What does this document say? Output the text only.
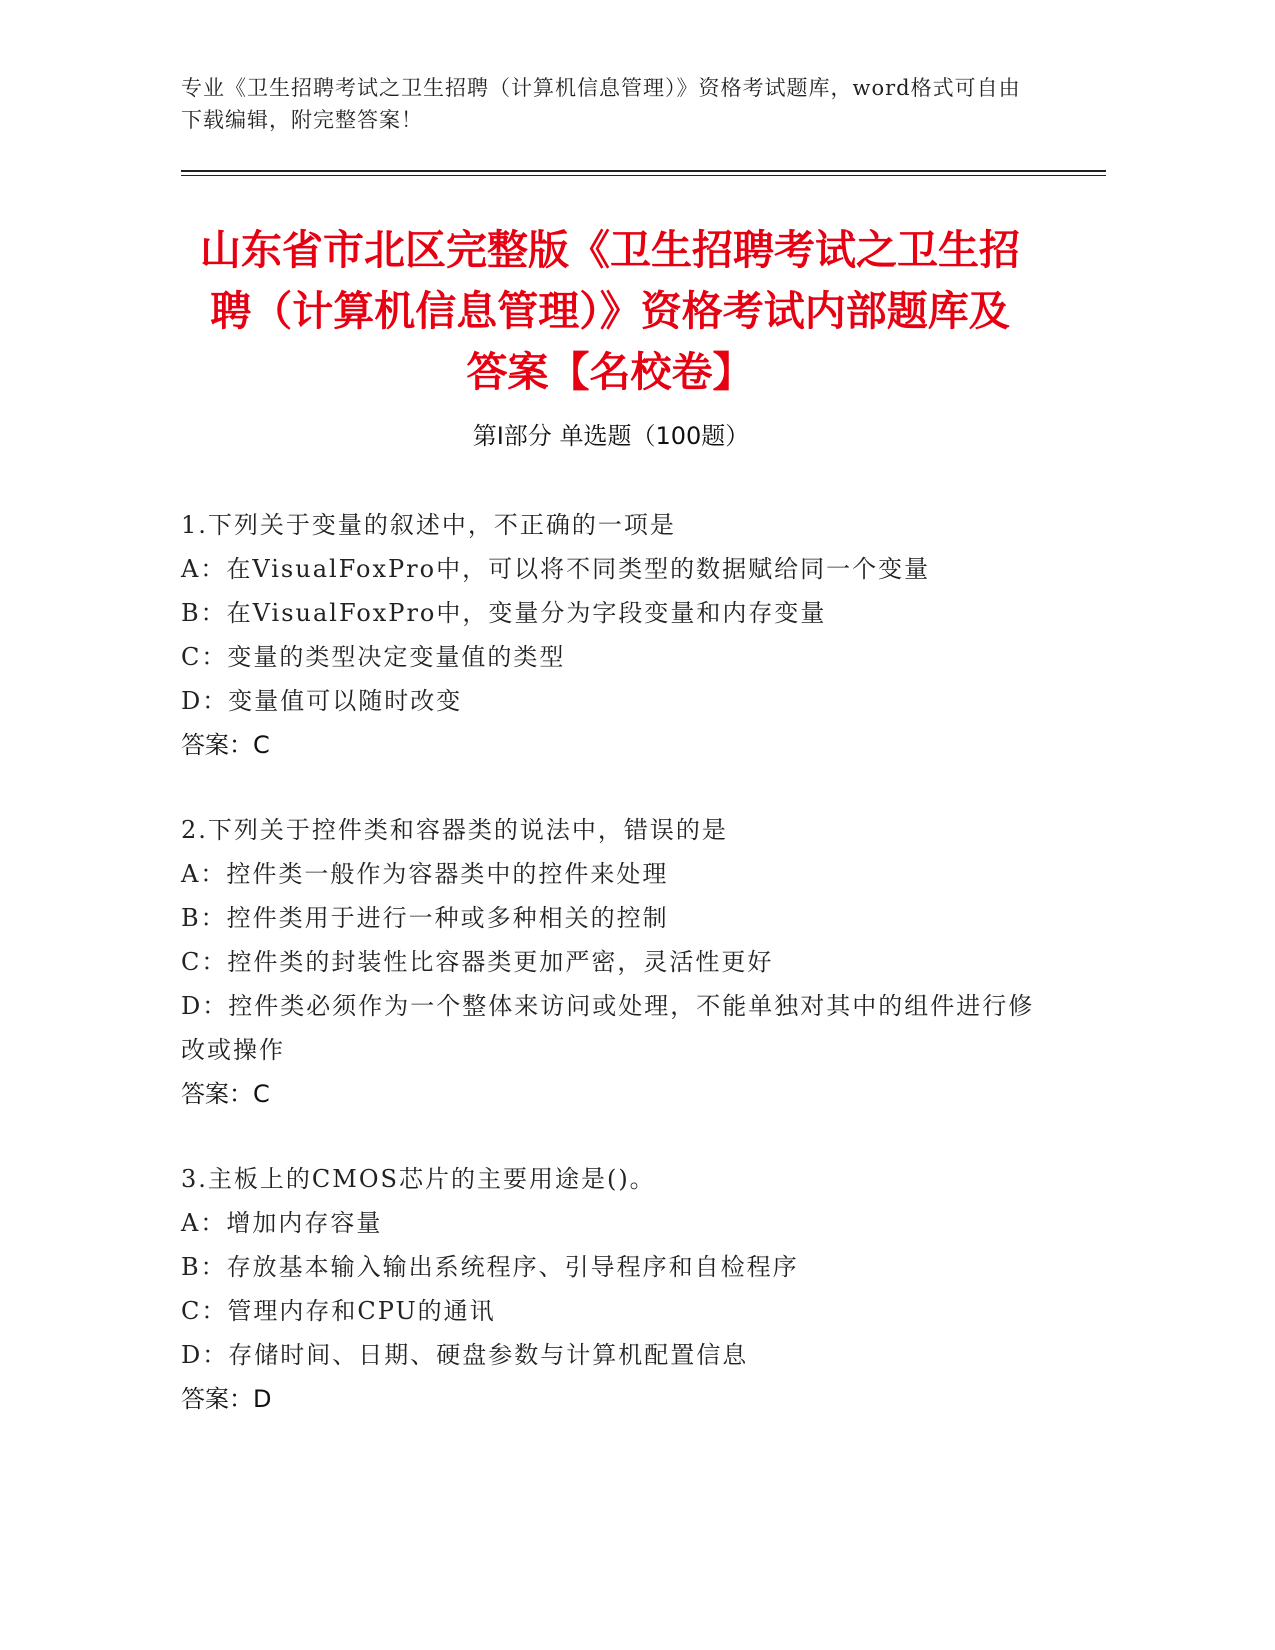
专业《卫生招聘考试之卫生招聘（计算机信息管理）》资格考试题库，word格式可自由下载编辑，附完整答案！
山东省市北区完整版《卫生招聘考试之卫生招聘（计算机信息管理）》资格考试内部题库及答案【名校卷】
第Ⅰ部分 单选题（100题）
1.下列关于变量的叙述中，不正确的一项是
A：在VisualFoxPro中，可以将不同类型的数据赋给同一个变量
B：在VisualFoxPro中，变量分为字段变量和内存变量
C：变量的类型决定变量值的类型
D：变量值可以随时改变
答案：C
2.下列关于控件类和容器类的说法中，错误的是
A：控件类一般作为容器类中的控件来处理
B：控件类用于进行一种或多种相关的控制
C：控件类的封装性比容器类更加严密，灵活性更好
D：控件类必须作为一个整体来访问或处理，不能单独对其中的组件进行修改或操作
答案：C
3.主板上的CMOS芯片的主要用途是()。
A：增加内存容量
B：存放基本输入输出系统程序、引导程序和自检程序
C：管理内存和CPU的通讯
D：存储时间、日期、硬盘参数与计算机配置信息
答案：D
